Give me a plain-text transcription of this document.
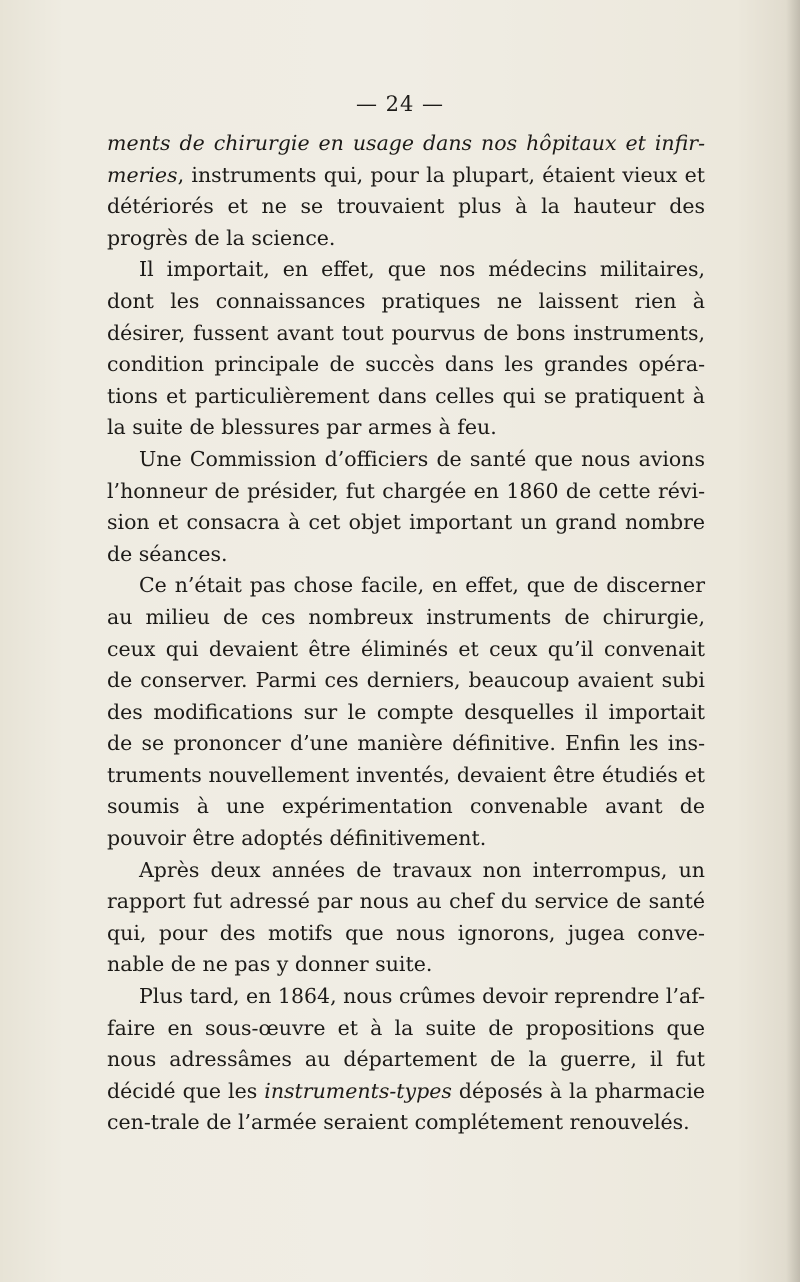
— 24 —

ments de chirurgie en usage dans nos hôpitaux et infir-meries, instruments qui, pour la plupart, étaient vieux et détériorés et ne se trouvaient plus à la hauteur des progrès de la science.

Il importait, en effet, que nos médecins militaires, dont les connaissances pratiques ne laissent rien à désirer, fussent avant tout pourvus de bons instruments, condition principale de succès dans les grandes opéra-tions et particulièrement dans celles qui se pratiquent à la suite de blessures par armes à feu.

Une Commission d’officiers de santé que nous avions l’honneur de présider, fut chargée en 1860 de cette révi-sion et consacra à cet objet important un grand nombre de séances.

Ce n’était pas chose facile, en effet, que de discerner au milieu de ces nombreux instruments de chirurgie, ceux qui devaient être éliminés et ceux qu’il convenait de conserver. Parmi ces derniers, beaucoup avaient subi des modifications sur le compte desquelles il importait de se prononcer d’une manière définitive. Enfin les ins-truments nouvellement inventés, devaient être étudiés et soumis à une expérimentation convenable avant de pouvoir être adoptés définitivement.

Après deux années de travaux non interrompus, un rapport fut adressé par nous au chef du service de santé qui, pour des motifs que nous ignorons, jugea conve-nable de ne pas y donner suite.

Plus tard, en 1864, nous crûmes devoir reprendre l’af-faire en sous-œuvre et à la suite de propositions que nous adressâmes au département de la guerre, il fut décidé que les instruments-types déposés à la pharmacie cen-trale de l’armée seraient complétement renouvelés.
